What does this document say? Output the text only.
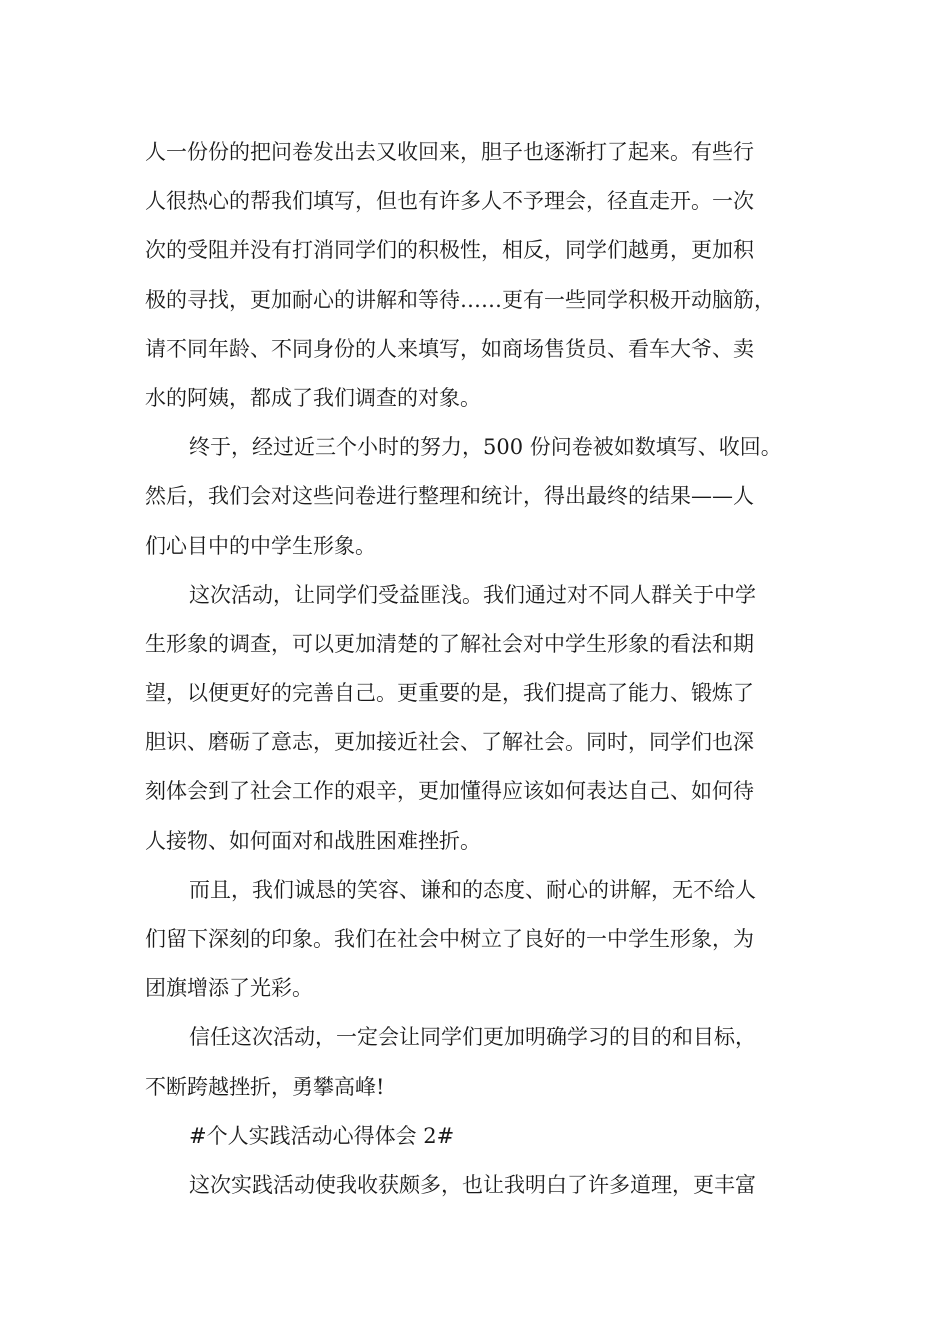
人一份份的把问卷发出去又收回来，胆子也逐渐打了起来。有些行
人很热心的帮我们填写，但也有许多人不予理会，径直走开。一次
次的受阻并没有打消同学们的积极性，相反，同学们越勇，更加积
极的寻找，更加耐心的讲解和等待……更有一些同学积极开动脑筋，
请不同年龄、不同身份的人来填写，如商场售货员、看车大爷、卖
水的阿姨，都成了我们调查的对象。
终于，经过近三个小时的努力，500 份问卷被如数填写、收回。
然后，我们会对这些问卷进行整理和统计，得出最终的结果——人
们心目中的中学生形象。
这次活动，让同学们受益匪浅。我们通过对不同人群关于中学
生形象的调查，可以更加清楚的了解社会对中学生形象的看法和期
望，以便更好的完善自己。更重要的是，我们提高了能力、锻炼了
胆识、磨砺了意志，更加接近社会、了解社会。同时，同学们也深
刻体会到了社会工作的艰辛，更加懂得应该如何表达自己、如何待
人接物、如何面对和战胜困难挫折。
而且，我们诚恳的笑容、谦和的态度、耐心的讲解，无不给人
们留下深刻的印象。我们在社会中树立了良好的一中学生形象，为
团旗增添了光彩。
信任这次活动，一定会让同学们更加明确学习的目的和目标，
不断跨越挫折，勇攀高峰!
#个人实践活动心得体会 2#
这次实践活动使我收获颇多，也让我明白了许多道理，更丰富
